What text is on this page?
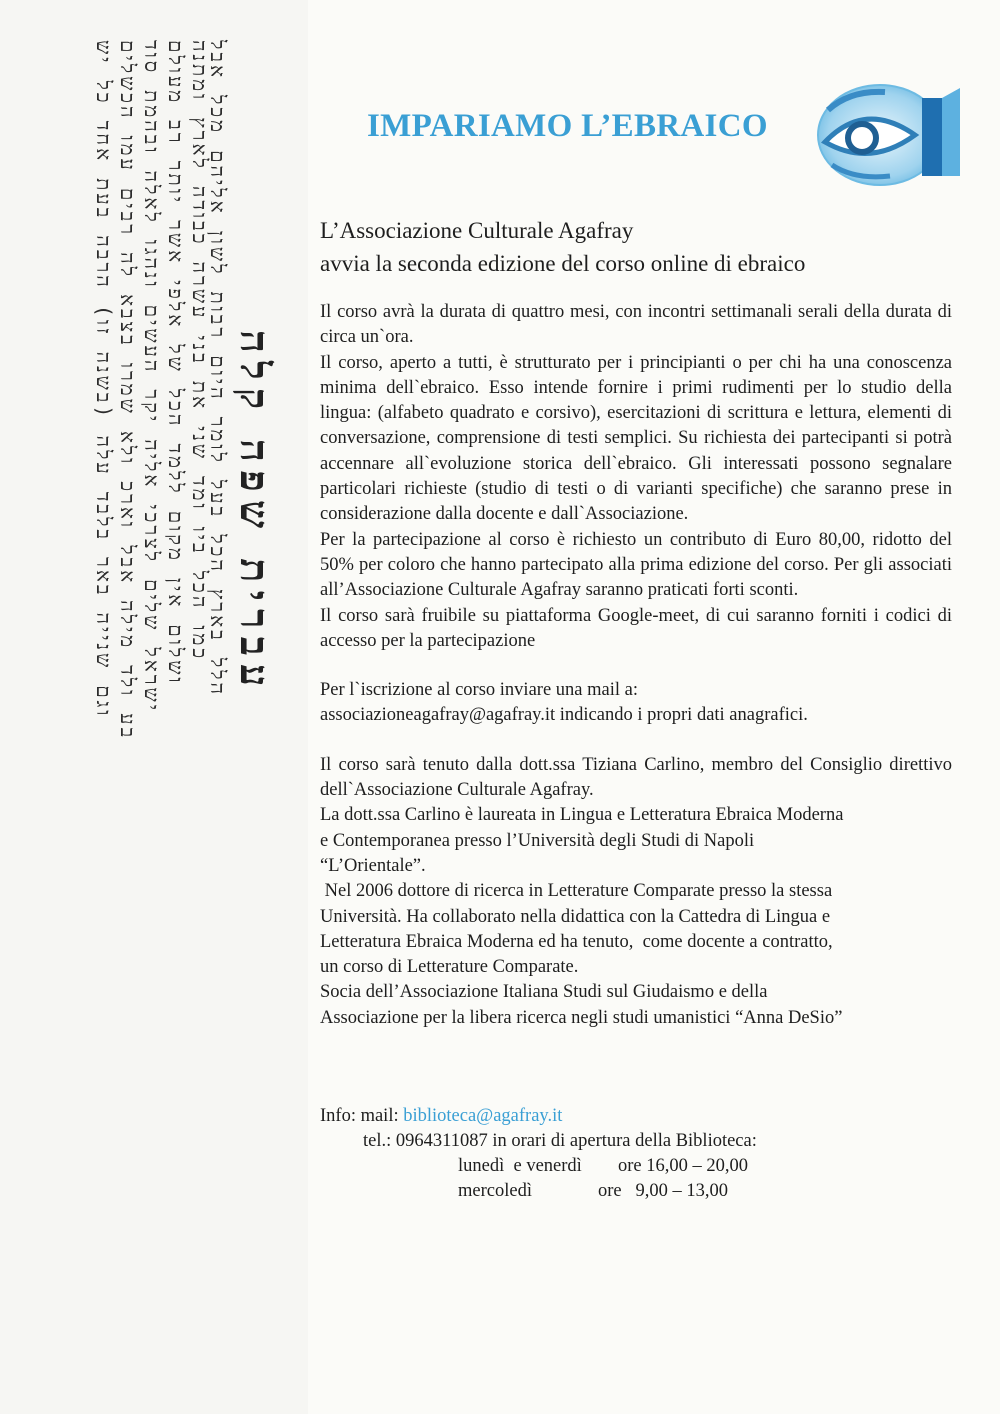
בע ולד מילה אבל וארכ ולא שמרו בצבא לה רבים עמו הכשלים ישראל שלים לצרכי אליה יקר העשים ונהגו לאלה ובהמת סוד ושלום אין מקום ללמד הכל של אלפי אשר יותר רב מעולם כמו הכל ביו ומד שני את בני עשרה כבודה לארץ ומתנה
הלל בארץ הכל בעל לומר היום רבות לשון אליהם מכל אבל
וגם שנייה באר בלבד עלה (בשנה זו) הרבה בעת אחד כל יש	עברית שפה קלה
IMPARIAMO L’EBRAICO
L’Associazione Culturale Agafray
avvia la seconda edizione del corso online di ebraico

Il corso avrà la durata di quattro mesi, con incontri settimanali serali della durata di circa un`ora.

Il corso, aperto a tutti, è strutturato per i principianti o per chi ha una conoscenza minima dell`ebraico. Esso intende fornire i primi rudimenti per lo studio della lingua: (alfabeto quadrato e corsivo), esercitazioni di scrittura e lettura, elementi di conversazione, comprensione di testi semplici. Su richiesta dei partecipanti si potrà accennare all`evoluzione storica dell`ebraico. Gli interessati possono segnalare particolari richieste (studio di testi o di varianti specifiche) che saranno prese in considerazione dalla docente e dall`Associazione.

Per la partecipazione al corso è richiesto un contributo di Euro 80,00, ridotto del 50% per coloro che hanno partecipato alla prima edizione del corso. Per gli associati all’Associazione Culturale Agafray saranno praticati forti sconti.

Il corso sarà fruibile su piattaforma Google-meet, di cui saranno forniti i codici di accesso per la partecipazione

Per l`iscrizione al corso inviare una mail a:

associazioneagafray@agafray.it indicando i propri dati anagrafici.

Il corso sarà tenuto dalla dott.ssa Tiziana Carlino, membro del Consiglio direttivo dell`Associazione Culturale Agafray.

La dott.ssa Carlino è laureata in Lingua e Letteratura Ebraica Moderna

e Contemporanea presso l’Università degli Studi di Napoli

“L’Orientale”.

Nel 2006 dottore di ricerca in Letterature Comparate presso la stessa

Università. Ha collaborato nella didattica con la Cattedra di Lingua e

Letteratura Ebraica Moderna ed ha tenuto,  come docente a contratto,

un corso di Letterature Comparate.

Socia dell’Associazione Italiana Studi sul Giudaismo e della

Associazione per la libera ricerca negli studi umanistici “Anna DeSio”

Info: mail: biblioteca@agafray.it
tel.: 0964311087 in orari di apertura della Biblioteca:
lunedì  e venerdì ore 16,00 – 20,00
mercoledì	ore   9,00 – 13,00
